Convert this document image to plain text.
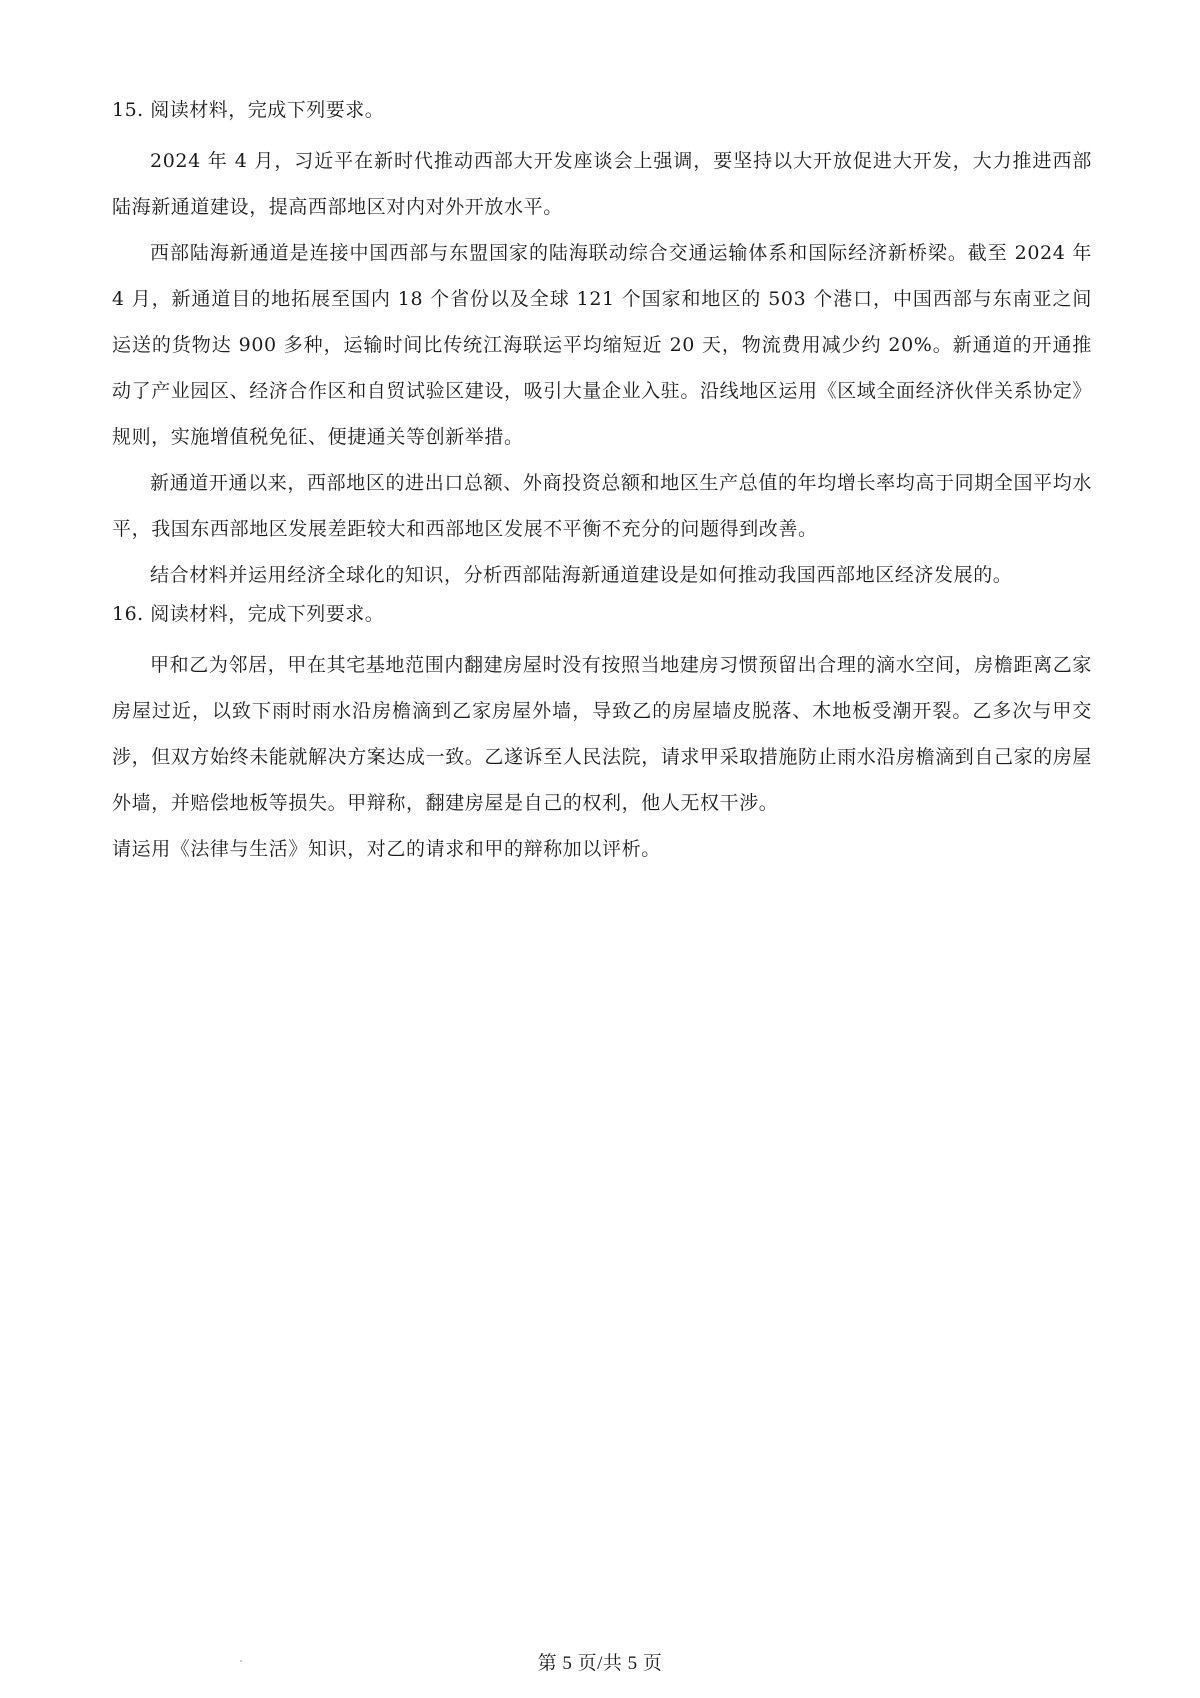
15. 阅读材料，完成下列要求。

2024 年 4 月，习近平在新时代推动西部大开发座谈会上强调，要坚持以大开放促进大开发，大力推进西部陆海新通道建设，提高西部地区对内对外开放水平。

西部陆海新通道是连接中国西部与东盟国家的陆海联动综合交通运输体系和国际经济新桥梁。截至 2024 年 4 月，新通道目的地拓展至国内 18 个省份以及全球 121 个国家和地区的 503 个港口，中国西部与东南亚之间运送的货物达 900 多种，运输时间比传统江海联运平均缩短近 20 天，物流费用减少约 20%。新通道的开通推动了产业园区、经济合作区和自贸试验区建设，吸引大量企业入驻。沿线地区运用《区域全面经济伙伴关系协定》规则，实施增值税免征、便捷通关等创新举措。

新通道开通以来，西部地区的进出口总额、外商投资总额和地区生产总值的年均增长率均高于同期全国平均水平，我国东西部地区发展差距较大和西部地区发展不平衡不充分的问题得到改善。

结合材料并运用经济全球化的知识，分析西部陆海新通道建设是如何推动我国西部地区经济发展的。

16. 阅读材料，完成下列要求。

甲和乙为邻居，甲在其宅基地范围内翻建房屋时没有按照当地建房习惯预留出合理的滴水空间，房檐距离乙家房屋过近，以致下雨时雨水沿房檐滴到乙家房屋外墙，导致乙的房屋墙皮脱落、木地板受潮开裂。乙多次与甲交涉，但双方始终未能就解决方案达成一致。乙遂诉至人民法院，请求甲采取措施防止雨水沿房檐滴到自己家的房屋外墙，并赔偿地板等损失。甲辩称，翻建房屋是自己的权利，他人无权干涉。

请运用《法律与生活》知识，对乙的请求和甲的辩称加以评析。

第 5 页/共 5 页
